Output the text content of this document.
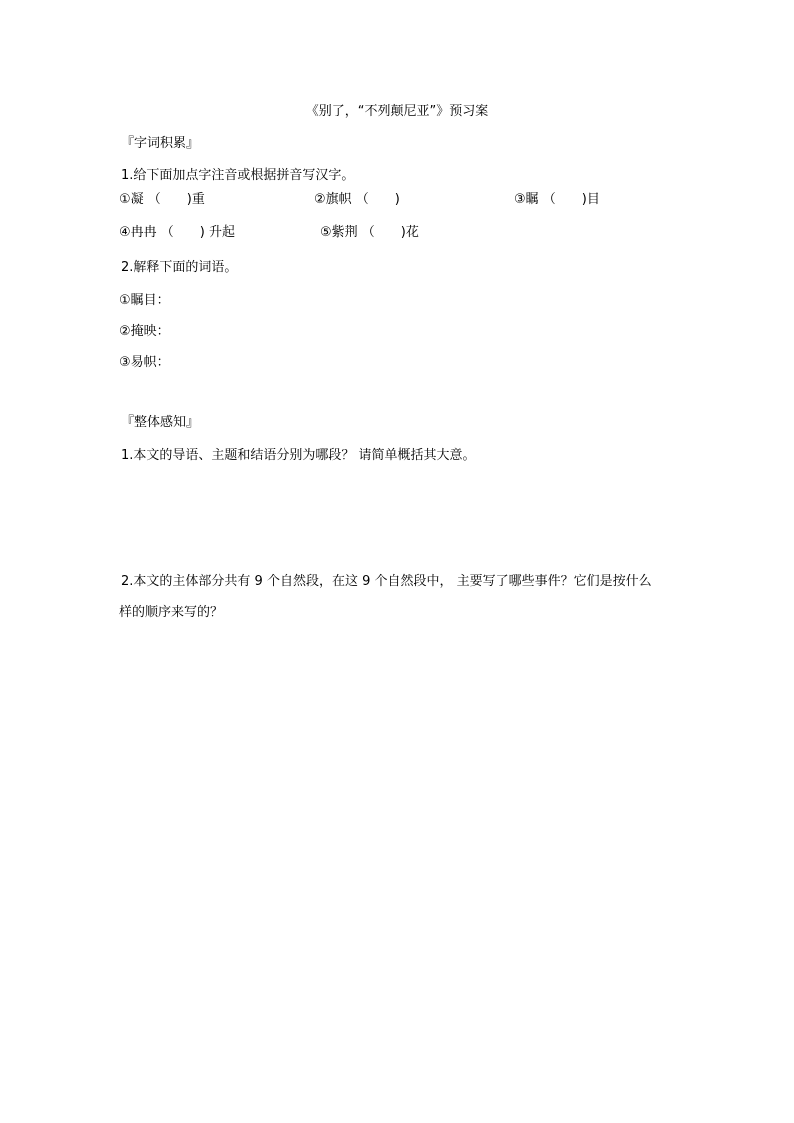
《别了，“不列颠尼亚”》预习案
『字词积累』
1.给下面加点字注音或根据拼音写汉字。
①凝 （　　)重	②旗帜 （　　)	③瞩 （　　)目
④冉冉 （　　) 升起	⑤紫荆 （　　)花
2.解释下面的词语。
①瞩目：
②掩映：
③易帜：
『整体感知』
1.本文的导语、主题和结语分别为哪段？ 请简单概括其大意。
2.本文的主体部分共有 9 个自然段，在这 9 个自然段中， 主要写了哪些事件？它们是按什么
样的顺序来写的？
